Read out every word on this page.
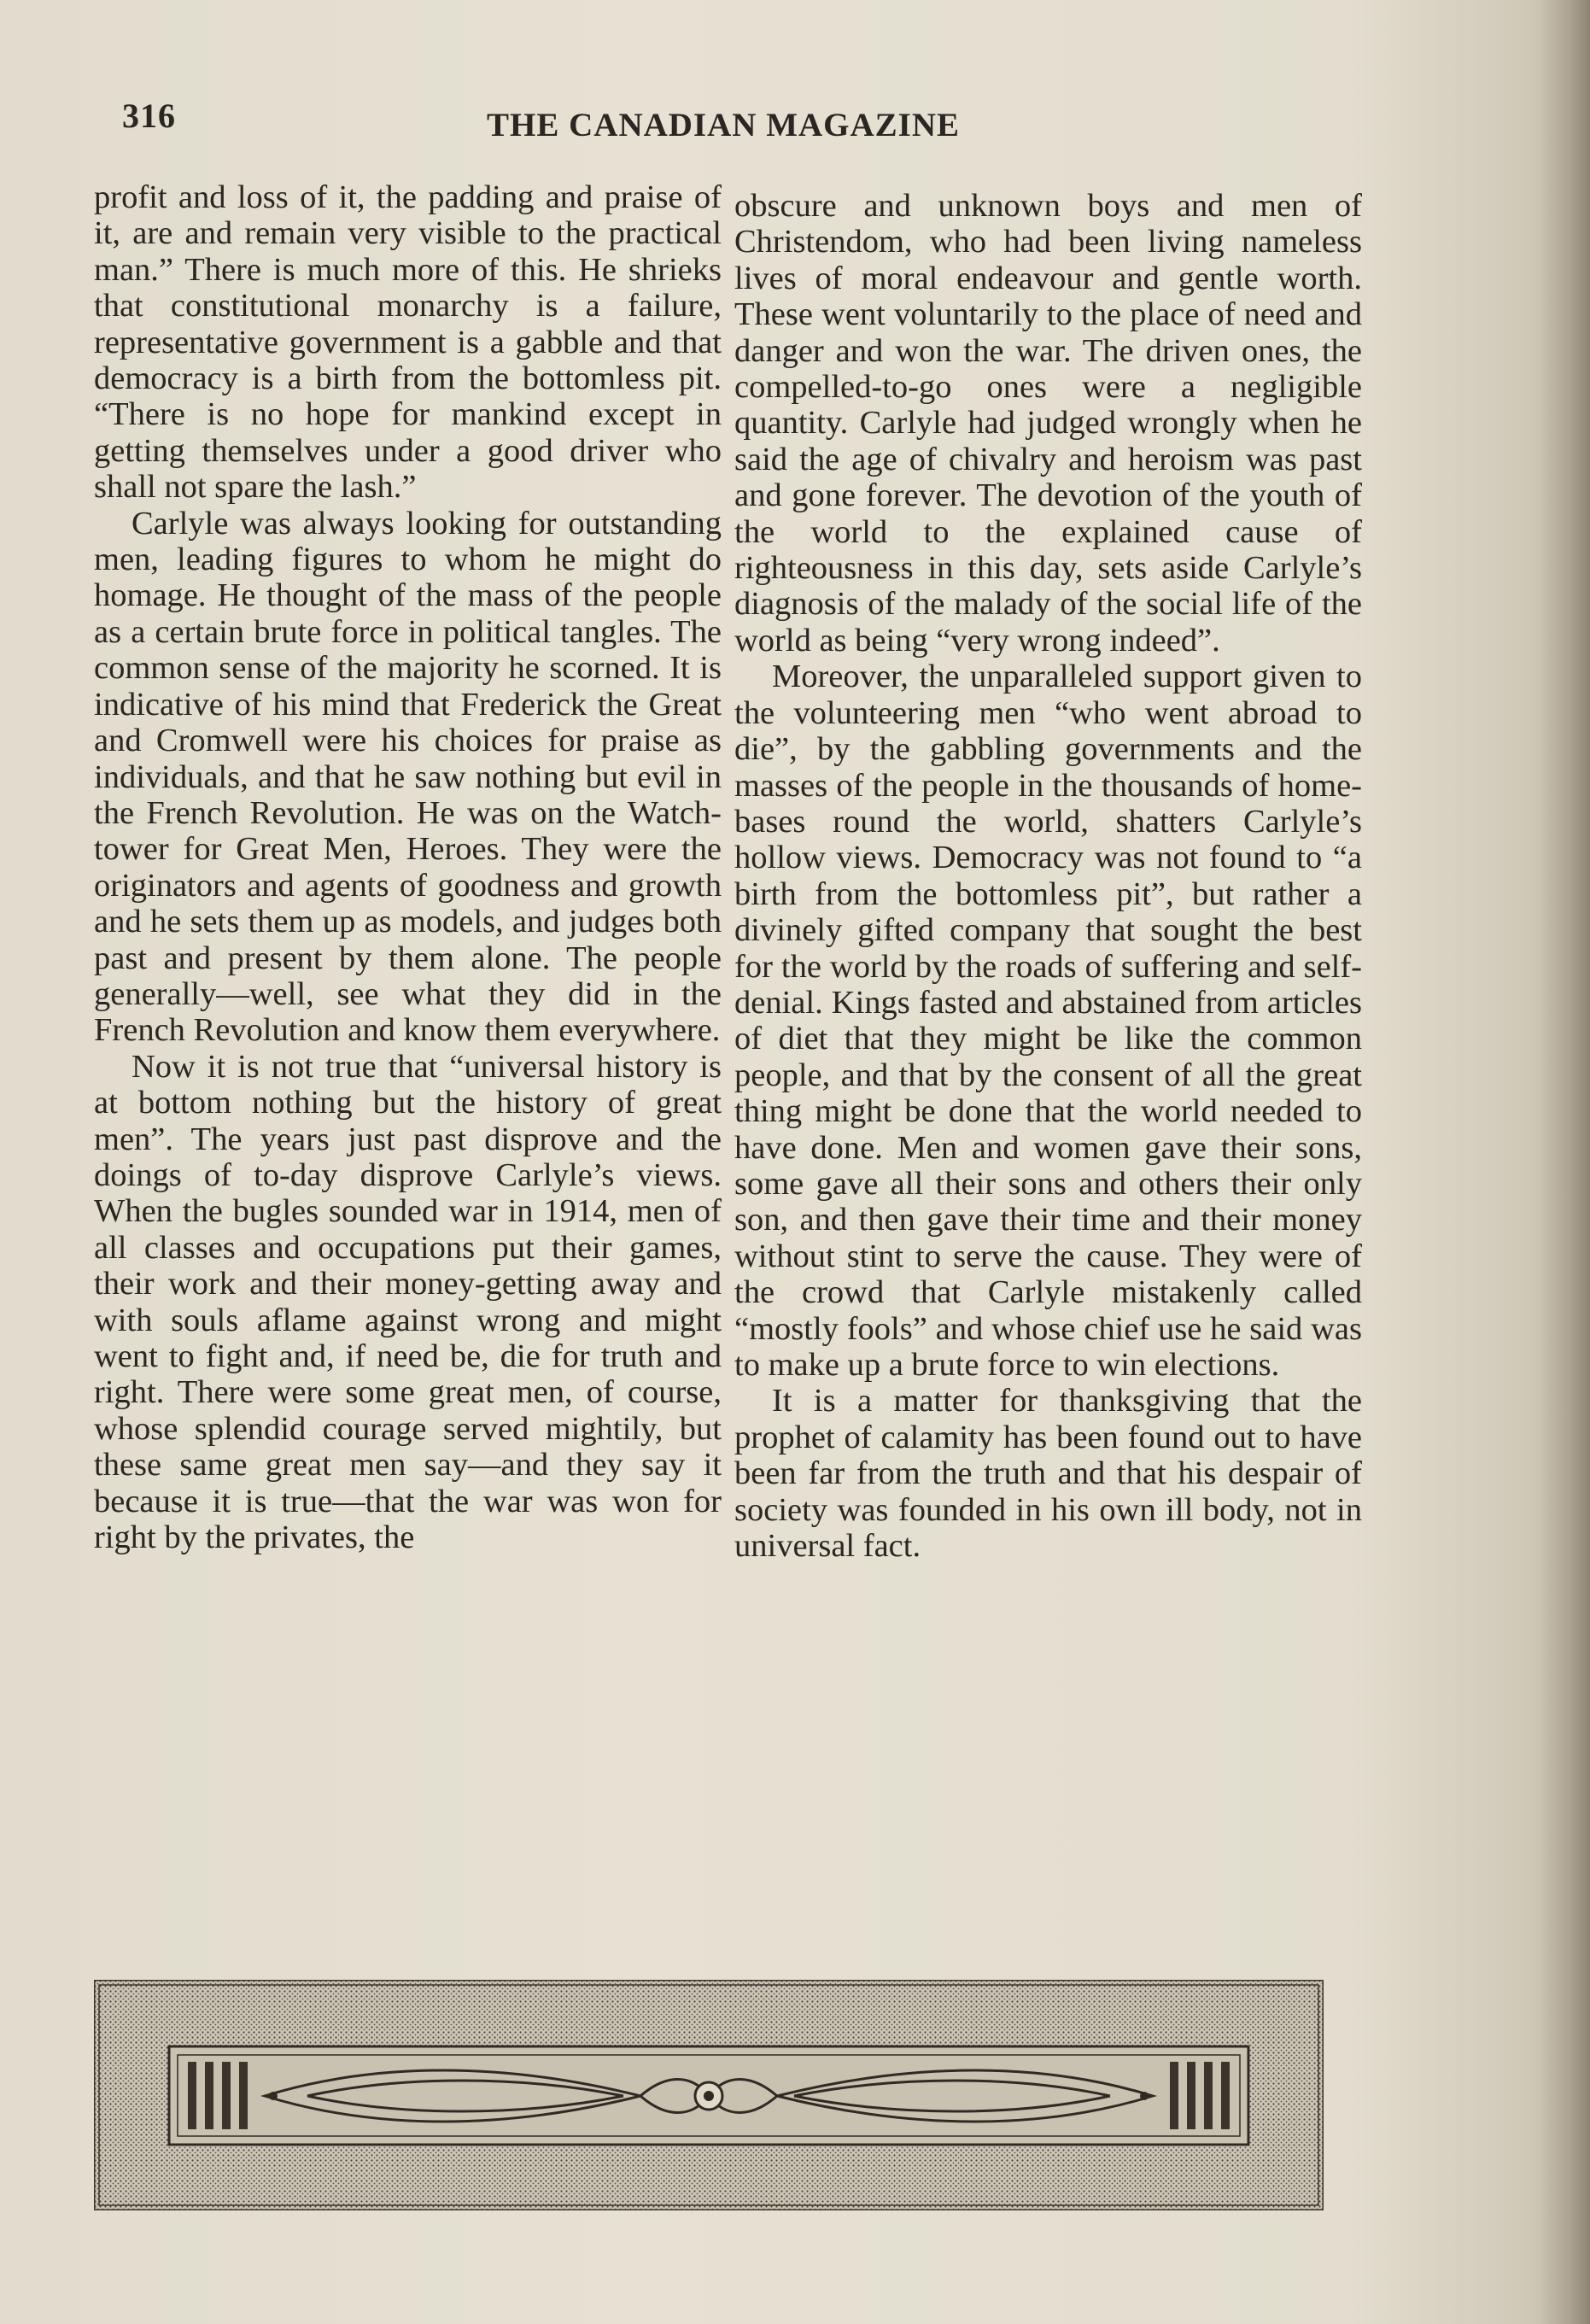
316	THE CANADIAN MAGAZINE

profit and loss of it, the padding and praise of it, are and remain very visible to the practical man.” There is much more of this. He shrieks that constitutional monarchy is a failure, representative government is a gabble and that democracy is a birth from the bottomless pit. “There is no hope for mankind except in getting themselves under a good driver who shall not spare the lash.”

Carlyle was always looking for outstanding men, leading figures to whom he might do homage. He thought of the mass of the people as a certain brute force in political tangles. The common sense of the majority he scorned. It is indicative of his mind that Frederick the Great and Cromwell were his choices for praise as individuals, and that he saw nothing but evil in the French Revolution. He was on the Watch-tower for Great Men, Heroes. They were the originators and agents of goodness and growth and he sets them up as models, and judges both past and present by them alone. The people generally—well, see what they did in the French Revolution and know them everywhere.

Now it is not true that “universal history is at bottom nothing but the history of great men”. The years just past disprove and the doings of to-day disprove Carlyle’s views. When the bugles sounded war in 1914, men of all classes and occupations put their games, their work and their money-getting away and with souls aflame against wrong and might went to fight and, if need be, die for truth and right. There were some great men, of course, whose splendid courage served mightily, but these same great men say—and they say it because it is true—that the war was won for right by the privates, the

obscure and unknown boys and men of Christendom, who had been living nameless lives of moral endeavour and gentle worth. These went voluntarily to the place of need and danger and won the war. The driven ones, the compelled-to-go ones were a negligible quantity. Carlyle had judged wrongly when he said the age of chivalry and heroism was past and gone forever. The devotion of the youth of the world to the explained cause of righteousness in this day, sets aside Carlyle’s diagnosis of the malady of the social life of the world as being “very wrong indeed”.

Moreover, the unparalleled support given to the volunteering men “who went abroad to die”, by the gabbling governments and the masses of the people in the thousands of home-bases round the world, shatters Carlyle’s hollow views. Democracy was not found to “a birth from the bottomless pit”, but rather a divinely gifted company that sought the best for the world by the roads of suffering and self-denial. Kings fasted and abstained from articles of diet that they might be like the common people, and that by the consent of all the great thing might be done that the world needed to have done. Men and women gave their sons, some gave all their sons and others their only son, and then gave their time and their money without stint to serve the cause. They were of the crowd that Carlyle mistakenly called “mostly fools” and whose chief use he said was to make up a brute force to win elections.

It is a matter for thanksgiving that the prophet of calamity has been found out to have been far from the truth and that his despair of society was founded in his own ill body, not in universal fact.
